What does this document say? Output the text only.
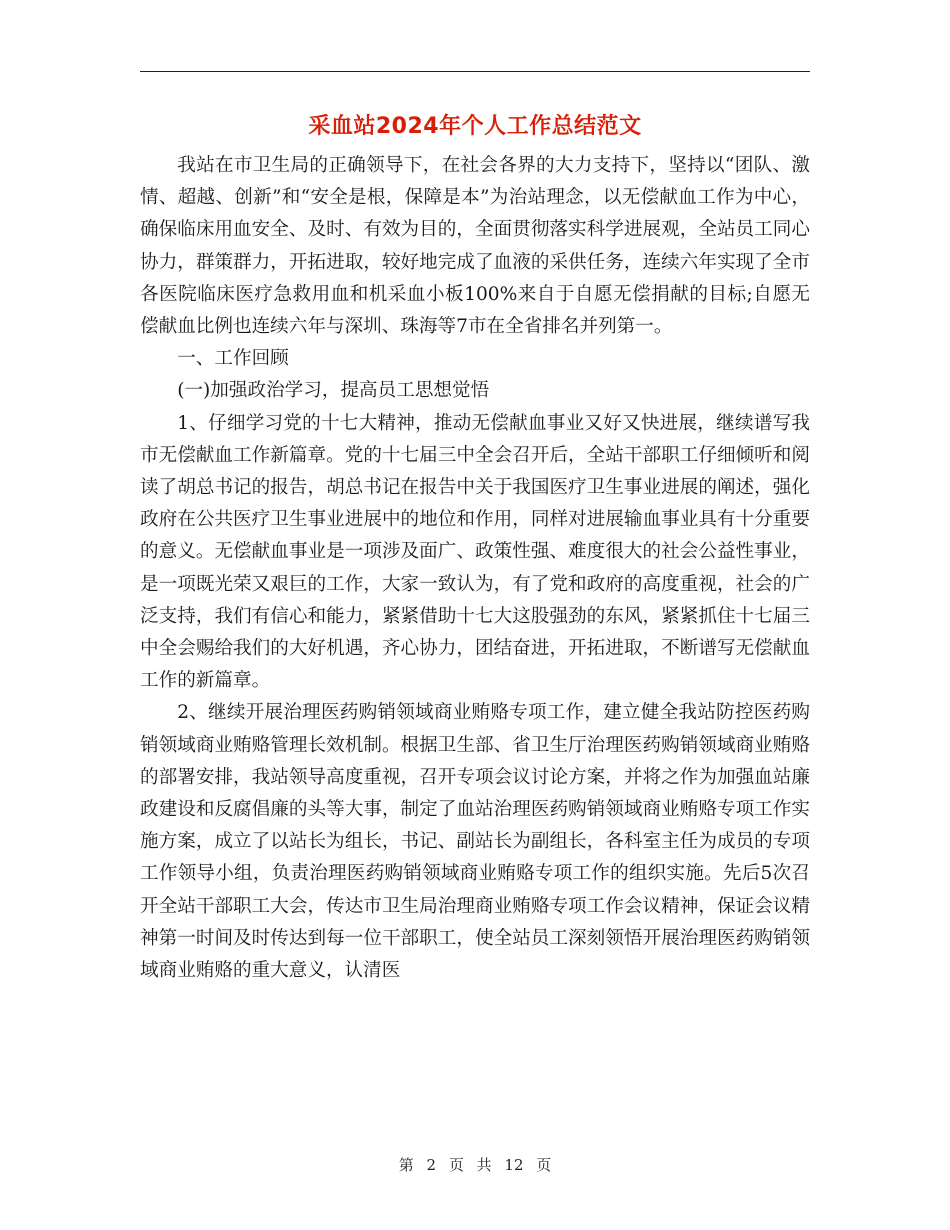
采血站2024年个人工作总结范文

我站在市卫生局的正确领导下，在社会各界的大力支持下，坚持以“团队、激情、超越、创新”和“安全是根，保障是本”为治站理念，以无偿献血工作为中心，确保临床用血安全、及时、有效为目的，全面贯彻落实科学进展观，全站员工同心协力，群策群力，开拓进取，较好地完成了血液的采供任务，连续六年实现了全市各医院临床医疗急救用血和机采血小板100%来自于自愿无偿捐献的目标;自愿无偿献血比例也连续六年与深圳、珠海等7市在全省排名并列第一。

一、工作回顾

(一)加强政治学习，提高员工思想觉悟

1、仔细学习党的十七大精神，推动无偿献血事业又好又快进展，继续谱写我市无偿献血工作新篇章。党的十七届三中全会召开后，全站干部职工仔细倾听和阅读了胡总书记的报告，胡总书记在报告中关于我国医疗卫生事业进展的阐述，强化政府在公共医疗卫生事业进展中的地位和作用，同样对进展输血事业具有十分重要的意义。无偿献血事业是一项涉及面广、政策性强、难度很大的社会公益性事业，是一项既光荣又艰巨的工作，大家一致认为，有了党和政府的高度重视，社会的广泛支持，我们有信心和能力，紧紧借助十七大这股强劲的东风，紧紧抓住十七届三中全会赐给我们的大好机遇，齐心协力，团结奋进，开拓进取，不断谱写无偿献血工作的新篇章。

2、继续开展治理医药购销领域商业贿赂专项工作，建立健全我站防控医药购销领域商业贿赂管理长效机制。根据卫生部、省卫生厅治理医药购销领域商业贿赂的部署安排，我站领导高度重视，召开专项会议讨论方案，并将之作为加强血站廉政建设和反腐倡廉的头等大事，制定了血站治理医药购销领域商业贿赂专项工作实施方案，成立了以站长为组长，书记、副站长为副组长，各科室主任为成员的专项工作领导小组，负责治理医药购销领域商业贿赂专项工作的组织实施。先后5次召开全站干部职工大会，传达市卫生局治理商业贿赂专项工作会议精神，保证会议精神第一时间及时传达到每一位干部职工，使全站员工深刻领悟开展治理医药购销领域商业贿赂的重大意义，认清医

第 2 页 共 12 页
